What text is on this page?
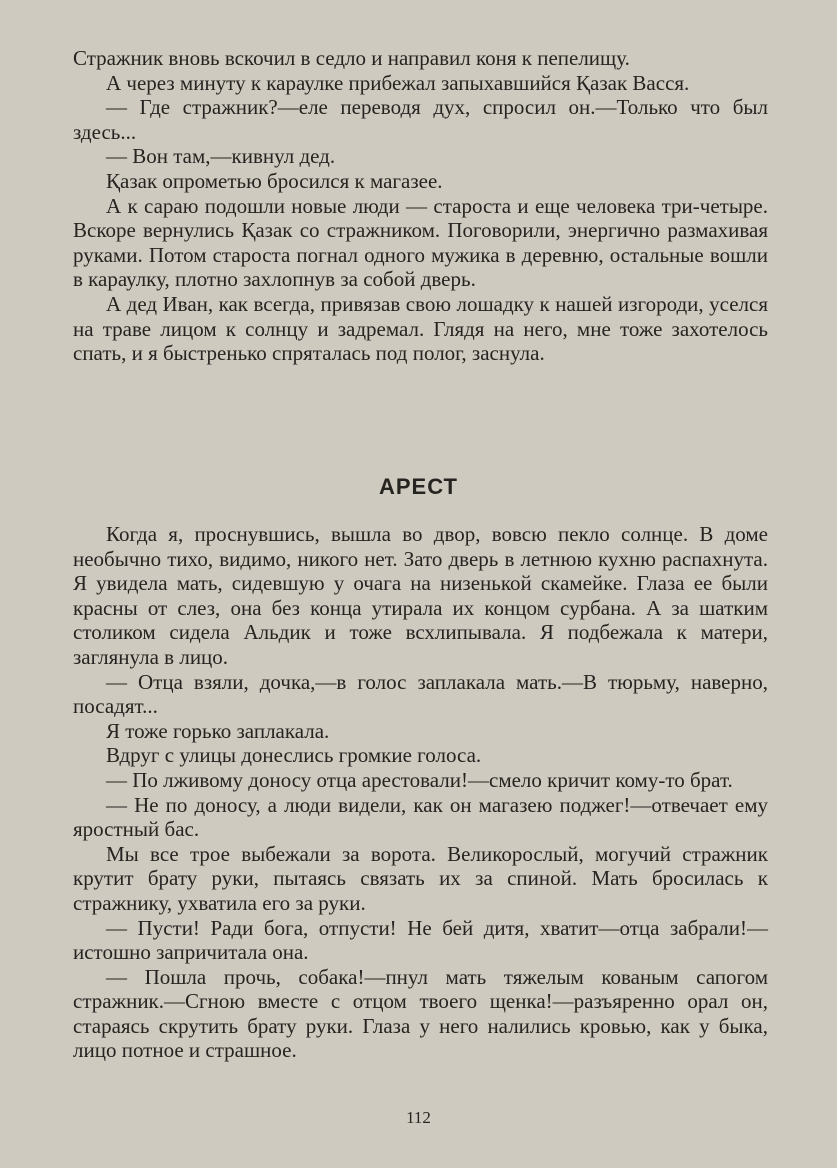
Стражник вновь вскочил в седло и направил коня к пепелищу.

А через минуту к караулке прибежал запыхавшийся Қазак Васся.

— Где стражник?—еле переводя дух, спросил он.—Только что был здесь...

— Вон там,—кивнул дед.

Қазак опрометью бросился к магазее.

А к сараю подошли новые люди — староста и еще человека три-четыре. Вскоре вернулись Қазак со стражником. Поговорили, энергично размахивая руками. Потом староста погнал одного мужика в деревню, остальные вошли в караулку, плотно захлопнув за собой дверь.

А дед Иван, как всегда, привязав свою лошадку к нашей изгороди, уселся на траве лицом к солнцу и задремал. Глядя на него, мне тоже захотелось спать, и я быстренько спряталась под полог, заснула.

АРЕСТ

Когда я, проснувшись, вышла во двор, вовсю пекло солнце. В доме необычно тихо, видимо, никого нет. Зато дверь в летнюю кухню распахнута. Я увидела мать, сидевшую у очага на низенькой скамейке. Глаза ее были красны от слез, она без конца утирала их концом сурбана. А за шатким столиком сидела Альдик и тоже всхлипывала. Я подбежала к матери, заглянула в лицо.

— Отца взяли, дочка,—в голос заплакала мать.—В тюрьму, наверно, посадят...

Я тоже горько заплакала.

Вдруг с улицы донеслись громкие голоса.

— По лживому доносу отца арестовали!—смело кричит кому-то брат.

— Не по доносу, а люди видели, как он магазею поджег!—отвечает ему яростный бас.

Мы все трое выбежали за ворота. Великорослый, могучий стражник крутит брату руки, пытаясь связать их за спиной. Мать бросилась к стражнику, ухватила его за руки.

— Пусти! Ради бога, отпусти! Не бей дитя, хватит—отца забрали!—истошно запричитала она.

— Пошла прочь, собака!—пнул мать тяжелым кованым сапогом стражник.—Сгною вместе с отцом твоего щенка!—разъяренно орал он, стараясь скрутить брату руки. Глаза у него налились кровью, как у быка, лицо потное и страшное.

112
